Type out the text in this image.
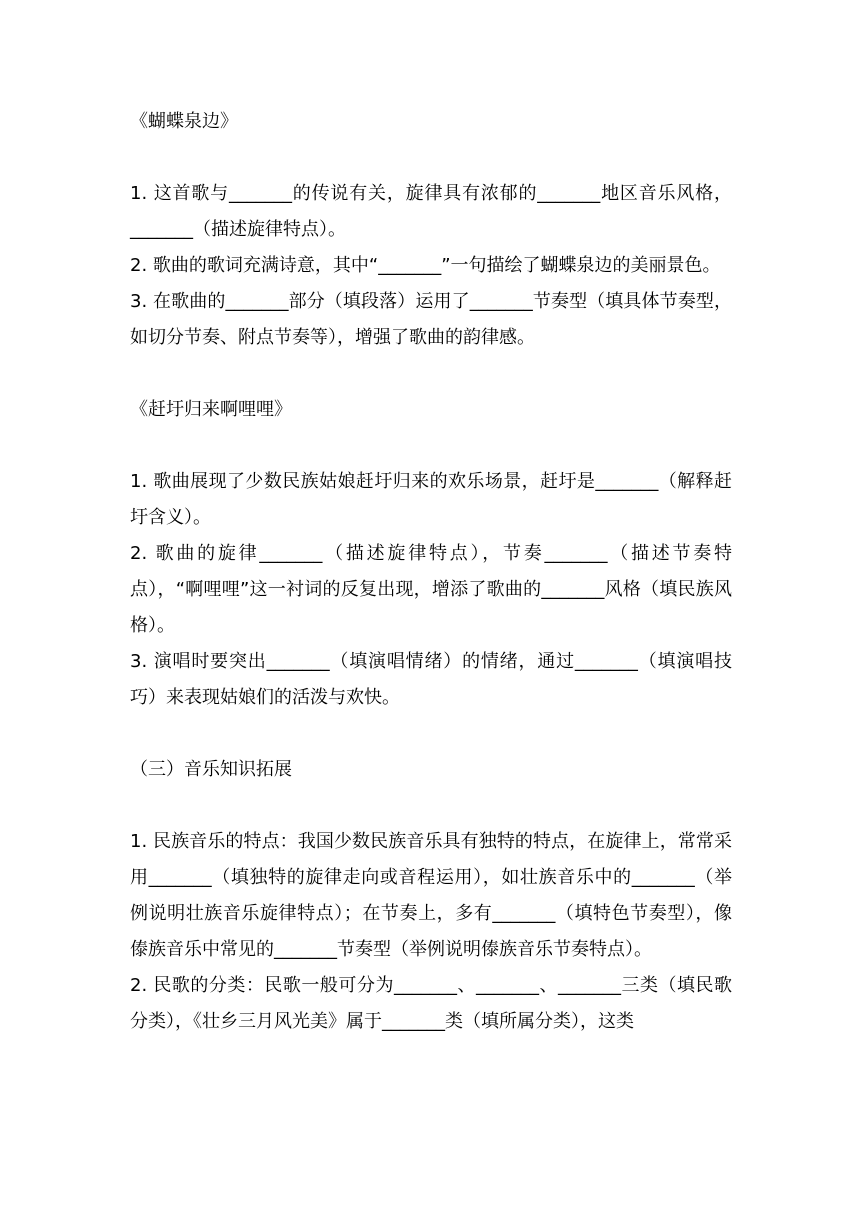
《蝴蝶泉边》

1. 这首歌与_______的传说有关，旋律具有浓郁的_______地区音乐风格，_______（描述旋律特点）。

2. 歌曲的歌词充满诗意，其中“_______”一句描绘了蝴蝶泉边的美丽景色。

3. 在歌曲的_______部分（填段落）运用了_______节奏型（填具体节奏型，如切分节奏、附点节奏等），增强了歌曲的韵律感。

《赶圩归来啊哩哩》

1. 歌曲展现了少数民族姑娘赶圩归来的欢乐场景，赶圩是_______（解释赶圩含义）。

2. 歌曲的旋律_______（描述旋律特点），节奏_______（描述节奏特点），“啊哩哩”这一衬词的反复出现，增添了歌曲的_______风格（填民族风格）。

3. 演唱时要突出_______（填演唱情绪）的情绪，通过_______（填演唱技巧）来表现姑娘们的活泼与欢快。

（三）音乐知识拓展

1. 民族音乐的特点：我国少数民族音乐具有独特的特点，在旋律上，常常采用_______（填独特的旋律走向或音程运用），如壮族音乐中的_______（举例说明壮族音乐旋律特点）；在节奏上，多有_______（填特色节奏型），像傣族音乐中常见的_______节奏型（举例说明傣族音乐节奏特点）。

2. 民歌的分类：民歌一般可分为_______、_______、_______三类（填民歌分类），《壮乡三月风光美》属于_______类（填所属分类），这类
